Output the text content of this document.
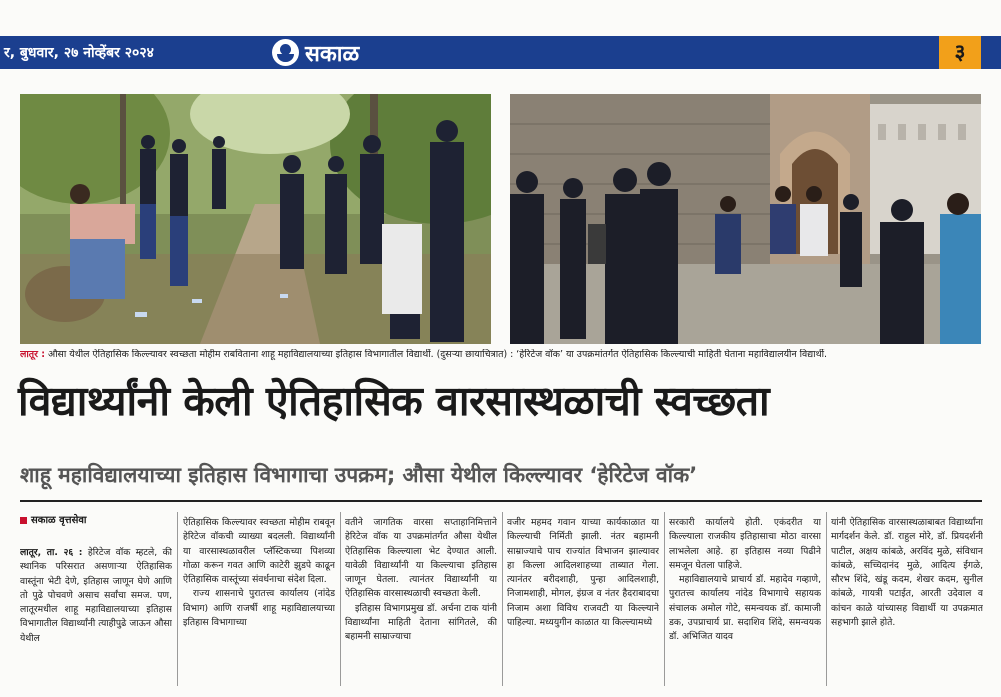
र, बुधवार, २७ नोव्हेंबर २०२४	सकाळ	३
लातूर : औसा येथील ऐतिहासिक किल्ल्यावर स्वच्छता मोहीम राबविताना शाहू महाविद्यालयाच्या इतिहास विभागातील विद्यार्थी. (दुसऱ्या छायाचित्रात) : ‘हेरिटेज वॉक’ या उपक्रमांतर्गत ऐतिहासिक किल्ल्याची माहिती घेताना महाविद्यालयीन विद्यार्थी.
विद्यार्थ्यांनी केली ऐतिहासिक वारसास्थळाची स्वच्छता
शाहू महाविद्यालयाच्या इतिहास विभागाचा उपक्रम; औसा येथील किल्ल्यावर ‘हेरिटेज वॉक’
सकाळ वृत्तसेवा

लातूर, ता. २६ : हेरिटेज वॉक म्हटले, की स्थानिक परिसरात असणाऱ्या ऐतिहासिक वास्तूंना भेटी देणे, इतिहास जाणून घेणे आणि तो पुढे पोचवणे असाच सर्वांचा समज. पण, लातूरमधील शाहू महाविद्यालयाच्या इतिहास विभागातील विद्यार्थ्यांनी त्याहीपुढे जाऊन औसा येथील

ऐतिहासिक किल्ल्यावर स्वच्छता मोहीम राबवून हेरिटेज वॉकची व्याख्या बदलली. विद्यार्थ्यांनी या वारसास्थळावरील प्लॅस्टिकच्या पिशव्या गोळा करून गवत आणि काटेरी झुडपे काढून ऐतिहासिक वास्तूंच्या संवर्धनाचा संदेश दिला.

राज्य शासनाचे पुरातत्त्व कार्यालय (नांदेड विभाग) आणि राजर्षी शाहू महाविद्यालयाच्या इतिहास विभागाच्या

वतीने जागतिक वारसा सप्ताहानिमित्ताने हेरिटेज वॉक या उपक्रमांतर्गत औसा येथील ऐतिहासिक किल्ल्याला भेट देण्यात आली. यावेळी विद्यार्थ्यांनी या किल्ल्याचा इतिहास जाणून घेतला. त्यानंतर विद्यार्थ्यांनी या ऐतिहासिक वारसास्थळाची स्वच्छता केली.

इतिहास विभागप्रमुख डॉ. अर्चना टाक यांनी विद्यार्थ्यांना माहिती देताना सांगितले, की बहामनी साम्राज्याचा

वजीर महमद गवान याच्या कार्यकाळात या किल्ल्याची निर्मिती झाली. नंतर बहामनी साम्राज्याचे पाच राज्यांत विभाजन झाल्यावर हा किल्ला आदिलशाहच्या ताब्यात गेला. त्यानंतर बरीदशाही, पुन्हा आदिलशाही, निजामशाही, मोगल, इंग्रज व नंतर हैदराबादचा निजाम अशा विविध राजवटी या किल्ल्याने पाहिल्या. मध्ययुगीन काळात या किल्ल्यामध्ये

सरकारी कार्यालये होती. एकंदरीत या किल्ल्याला राजकीय इतिहासाचा मोठा वारसा लाभलेला आहे. हा इतिहास नव्या पिढीने समजून घेतला पाहिजे.

महाविद्यालयाचे प्राचार्य डॉ. महादेव गव्हाणे, पुरातत्त्व कार्यालय नांदेड विभागाचे सहायक संचालक अमोल गोटे, समन्वयक डॉ. कामाजी डक, उपप्राचार्य प्रा. सदाशिव शिंदे, समन्वयक डॉ. अभिजित यादव

यांनी ऐतिहासिक वारसास्थळाबाबत विद्यार्थ्यांना मार्गदर्शन केले. डॉ. राहुल मोरे, डॉ. प्रियदर्शनी पाटील, अक्षय कांबळे, अरविंद मुळे, संविधान कांबळे, सच्चिदानंद मुळे, आदित्य ईगळे, सौरभ शिंदे, खंडू कदम, शेखर कदम, सुनील कांबळे, गायत्री पटाईत, आरती उदेवाल व कांचन काळे यांच्यासह विद्यार्थी या उपक्रमात सहभागी झाले होते.
